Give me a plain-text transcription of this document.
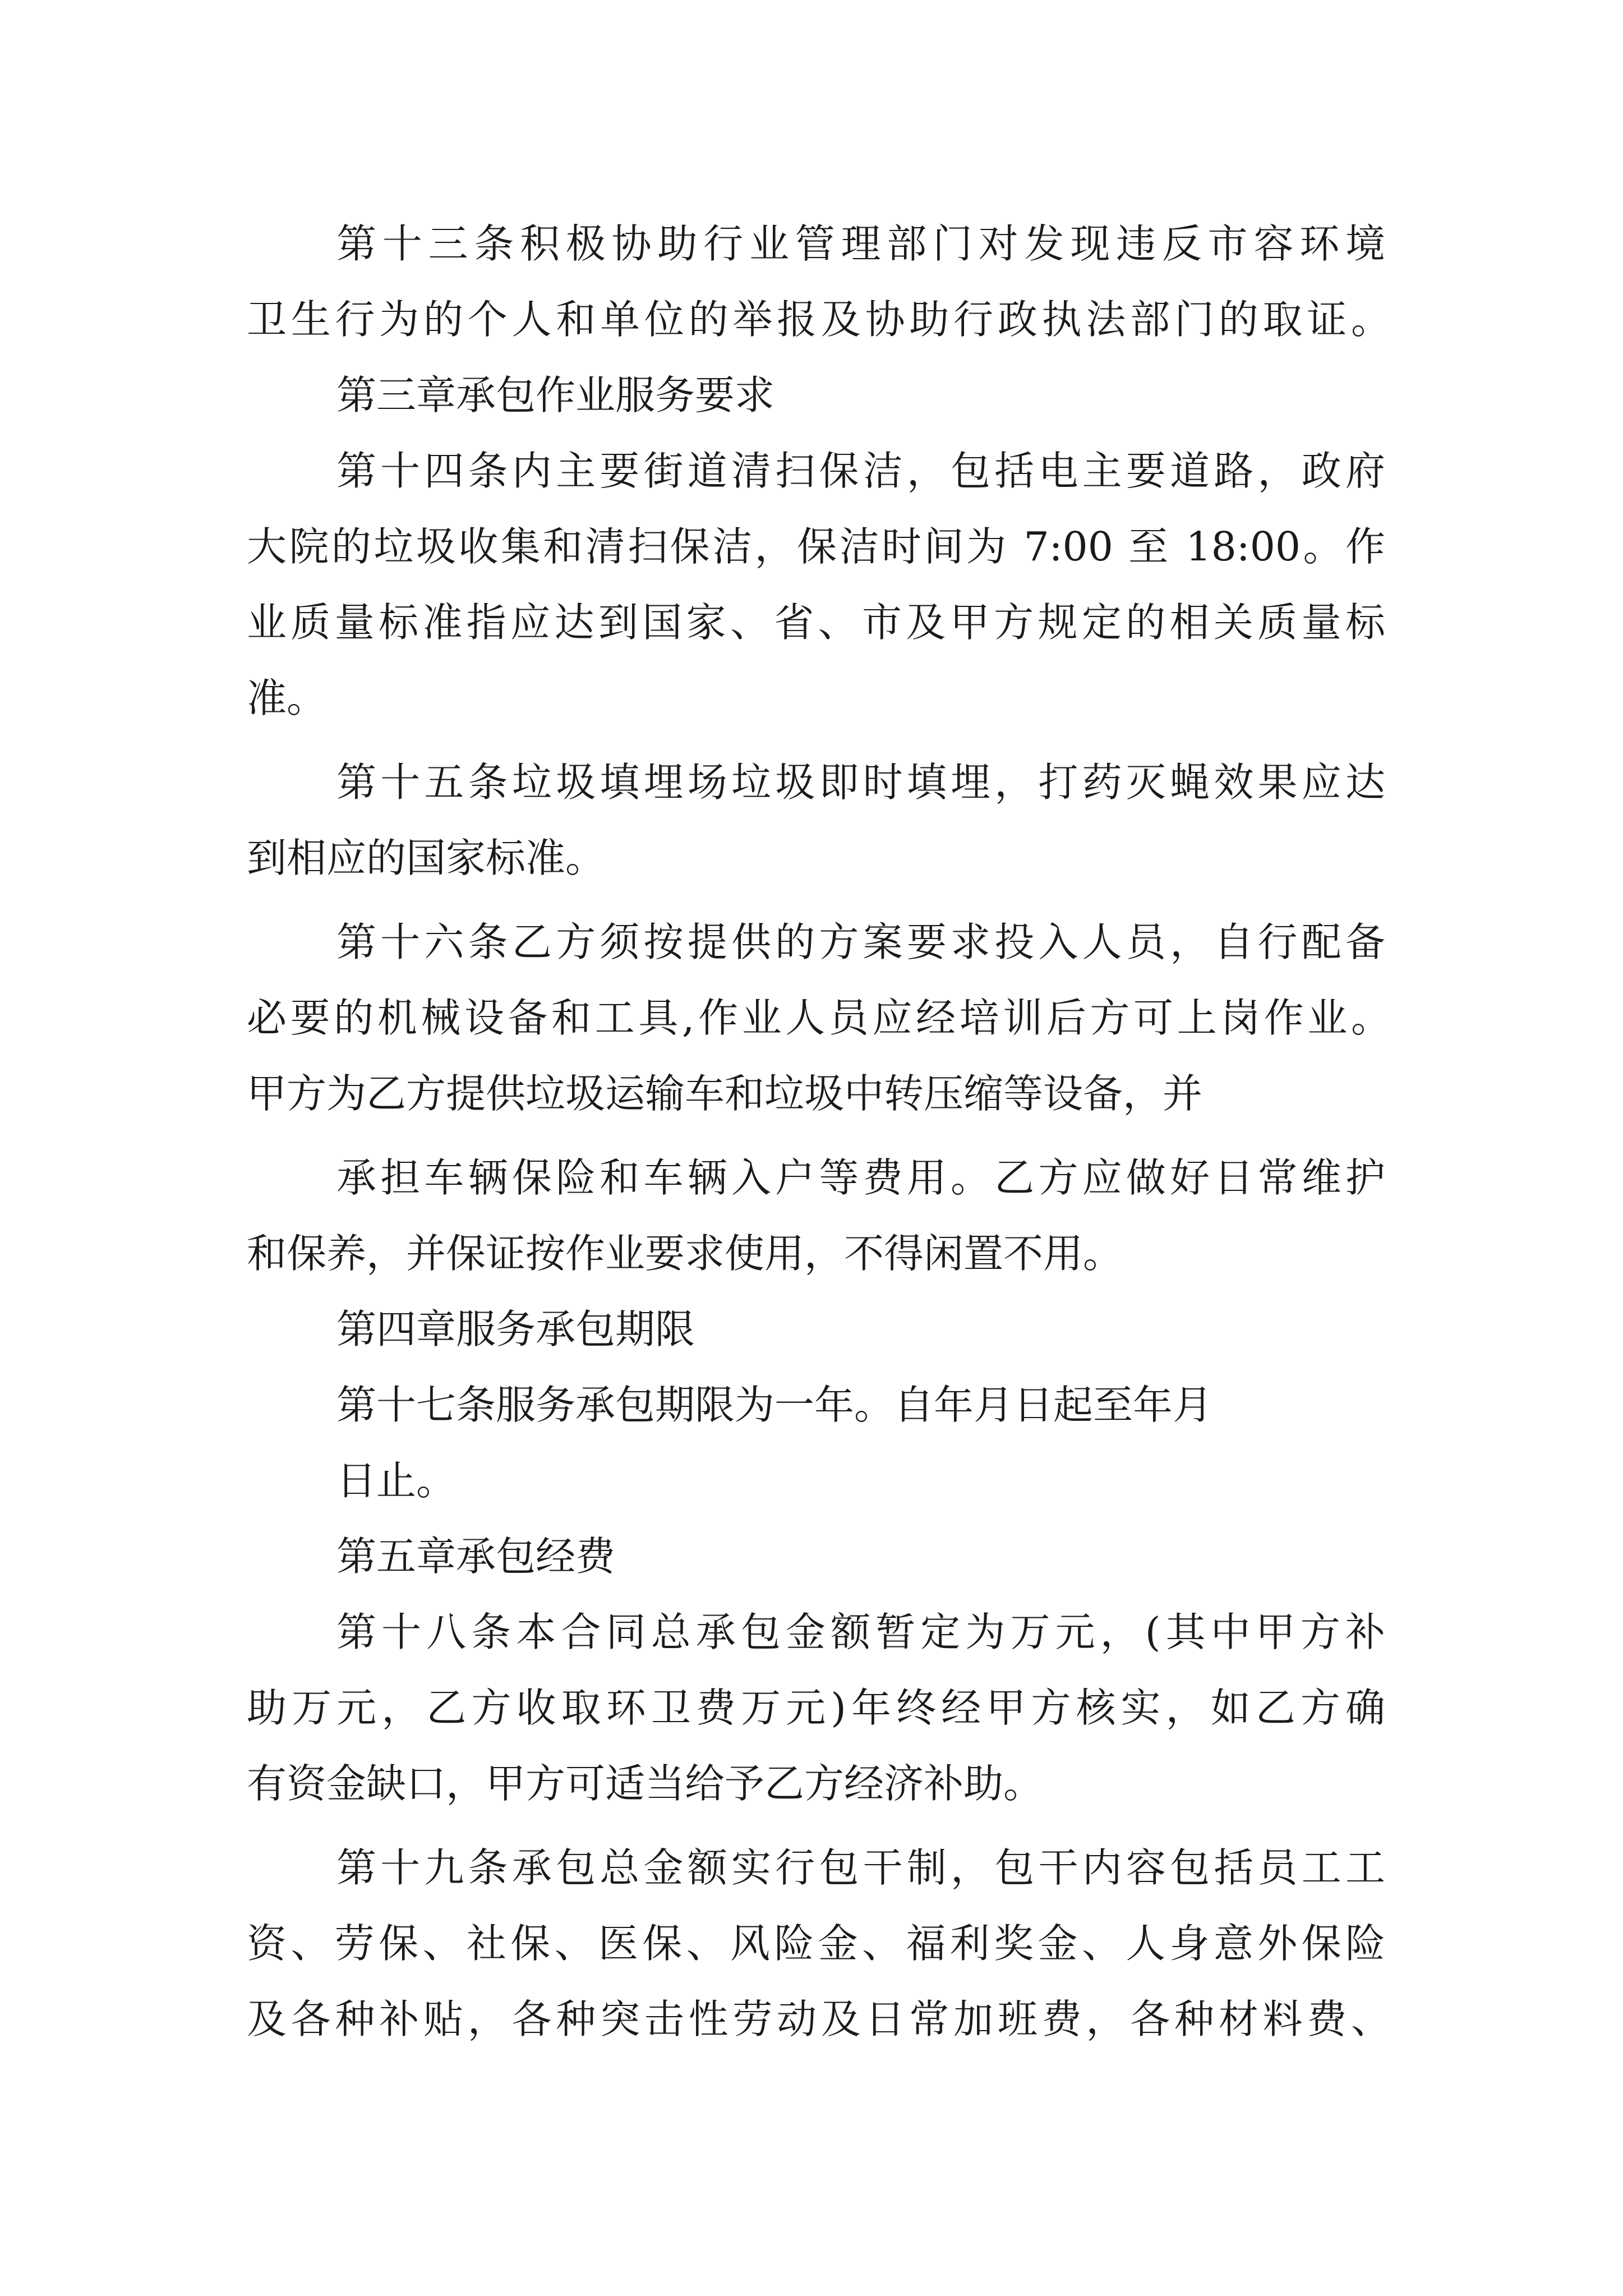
第十三条积极协助行业管理部门对发现违反市容环境
卫生行为的个人和单位的举报及协助行政执法部门的取证。
第三章承包作业服务要求
第十四条内主要街道清扫保洁，包括电主要道路，政府
大院的垃圾收集和清扫保洁，保洁时间为 7:00 至 18:00。作
业质量标准指应达到国家、省、市及甲方规定的相关质量标
准。
第十五条垃圾填埋场垃圾即时填埋，打药灭蝇效果应达
到相应的国家标准。
第十六条乙方须按提供的方案要求投入人员，自行配备
必要的机械设备和工具,作业人员应经培训后方可上岗作业。
甲方为乙方提供垃圾运输车和垃圾中转压缩等设备，并
承担车辆保险和车辆入户等费用。乙方应做好日常维护
和保养，并保证按作业要求使用，不得闲置不用。
第四章服务承包期限
第十七条服务承包期限为一年。自年月日起至年月
日止。
第五章承包经费
第十八条本合同总承包金额暂定为万元，(其中甲方补
助万元，乙方收取环卫费万元)年终经甲方核实，如乙方确
有资金缺口，甲方可适当给予乙方经济补助。
第十九条承包总金额实行包干制，包干内容包括员工工
资、劳保、社保、医保、风险金、福利奖金、人身意外保险
及各种补贴，各种突击性劳动及日常加班费，各种材料费、
